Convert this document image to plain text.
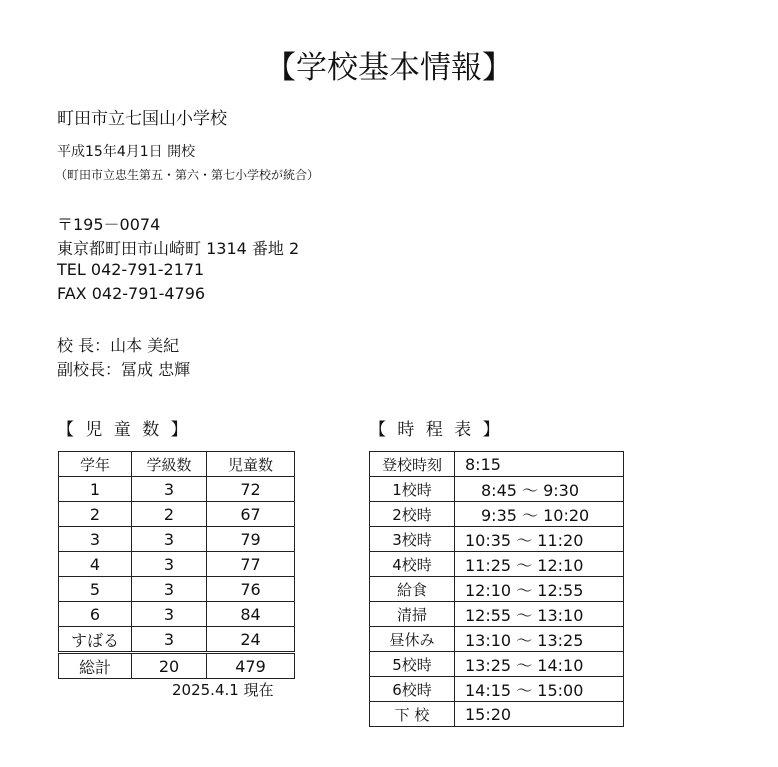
【学校基本情報】
町田市立七国山小学校
平成15年4月1日 開校
（町田市立忠生第五・第六・第七小学校が統合）
〒195－0074
東京都町田市山崎町 1314 番地 2
TEL 042-791-2171
FAX 042-791-4796
校 長：山本 美紀
副校長：冨成 忠輝
【 児 童 数 】	【 時 程 表 】
学年	学級数	児童数
1	3	72
2	2	67
3	3	79
4	3	77
5	3	76
6	3	84
すばる	3	24
総計	20	479
2025.4.1 現在
登校時刻	8:15
1校時	　8:45 ～ 9:30
2校時	　9:35 ～ 10:20
3校時	10:35 ～ 11:20
4校時	11:25 ～ 12:10
給食	12:10 ～ 12:55
清掃	12:55 ～ 13:10
昼休み	13:10 ～ 13:25
5校時	13:25 ～ 14:10
6校時	14:15 ～ 15:00
下 校	15:20
